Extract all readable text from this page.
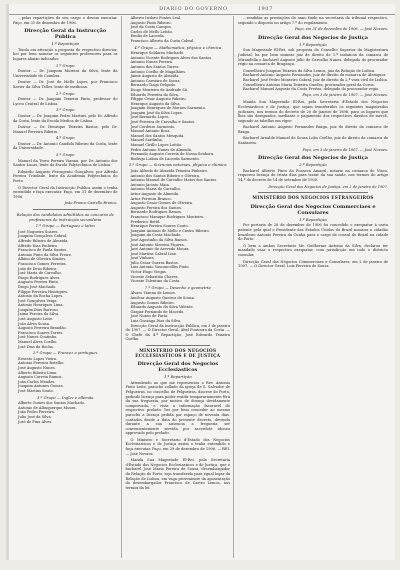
DIARIO DO GOVERNO	1907

…pelas repartições do seu cargo o devem executar. Paço, em 31 de dezembro de 1906.

Direcção Geral da Instrucção Publica
1.ª Repartição

Tendo em attenção a proposta do respectivo director, hei por bem nomear os seguintes professores para os logares abaixo indicados:

1.º Grupo

Doutor — Dr. Joaquim Moreira da Silva, lente da Universidade de Coimbra.

Doutor — Dr. José de Mello Lopes, por Francisco Xavier da Silva Telles, lente de medicina.

2.º Grupo

Doutor — Dr. Joaquim Teixeira Pinto, professor do Lyceu Central de Lisboa.

3.º Grupo

Doutor — Dr. Joaquim Pedro Martins, pelo Dr. Alfredo da Costa, lente da Escola Medica de Lisboa.

Doutor — Dr. Henrique Teixeira Bastos, pelo Dr. Manuel Ferreira Ribeiro.

4.º Grupo

Doutor — Dr. Antonio Candido Ribeiro da Costa, lente da Universidade.

5.º Grupo

Manuel da Terra Pereira Vianna, por Dr. Antonio dos Santos Lucas, lente da Escola Polytechnica de Lisboa.

Eduardo Augusto Ferrugento Gonçalves, por Alfredo Pereira Trindade, lente da Academia Polytechnica do Porto.

O Director Geral da Instrucção Publica assim o tenha entendido e faça executar. Paço, em 31 de dezembro de 1906.

João Franco Castello Branco.

Relação dos candidatos admittidos ao concurso de professores de instrucção secundaria
1.º Grupo — Portuguez e latim
José Nogueira Soares.
Joaquim Gonçalves Cabral.
Alfredo Ribeiro de Almeida.
Alfredo Dias Pinheiro.
Francisco de Paula Santos.
Antonio Pinto da Silva Freire.
Albino de Oliveira Simões.
Francisco Gomes Ferreira.
João de Deus Ribeiro.
José Maria de Carvalho.
Diogo Rodrigues Alves.
Augusto Pereira Pinto.
Diogo José Machado.
Filippe Ferreira Henriques.
Antonio da Rocha Lopes.
José Gonçalves Veiga.
Antonio Henriques Lima.
Joaquim Dias Barroso.
Jaime Pereira da Silva.
José Augusto Leite.
João Alves Sousa.
Augusto Ferreira Brandão.
Francisco Soares Torres.
José Nunes Coutinho.
Manuel Alves Coelho.
José Dias da Rocha.
2.º Grupo — Francez e portuguez
Ernesto Lopes Vieira.
Antonio Ferreira Botelho.
José Augusto Nunes.
Alberto Ribeiro Lima.
Augusto Correia Ramos.
João Carlos Mendes.
Joaquim Antunes Gomes.
José Martins Souto.
3.º Grupo — Inglez e allemão
Alberto Gomes dos Santos Machado.
Antonio de Albuquerque Moura.
João Pedro Ferreira.
Julio José da Silva.
José de Pina Alves.
Alberto Isidoro Fontes Leal.
Augusto Pinto Ribeiro.
José da Costa Campos.
Carlos de Mello Leitão.
Emilio de Lacerda.
Francisco Alberto da Costa Cabral.
4.º Grupo — Mathematica, physica e chimica
Henrique Soldarea Machado.
Antonio Vicente Rodrigues Alves dos Santos.
Antonio Nunes Pereira.
Antonio dos Santos Torres.
Antonio Coelho de Magalhães.
Jaime Augusto de Almeida.
Antonio Carneiro de Sousa.
Bernardo Tiago Delgado.
Diogo Monteiro de Andrade Sá.
Eduardo Ferreira da Silva.
Filippe Cesar Augusto Ribeiro.
Henrique Augusto da Silva.
Joaquim Henriques de Moraes Sarmento.
Joaquim José da Silva Lopes.
José Bernardo Lopes.
José Ferreira de Carvalho e Santos.
José Cordeiro Sarmento.
Manuel Antonio Rosa.
Manuel dos Santos Mesquita.
Manoel Sardinha.
Manuel Cirillo Lopes Leitão.
Pedro Antonio Nunes de Almeida.
Fernando Augusto Correia de Nossa Senhora.
Rodrigo Lisboa de Lacerda Sarmento.
5.º Grupo — Sciencias naturaes, physica e chimica
João Alfredo de Almeida Teixeira Pinheiro.
Antonio dos Santos Ribeiro e Oliveira.
Antonio Manuel de Carvalho Matos dos Santos.
Antonio Jacinto Maia.
Antonio Maria de Carvalho.
Artur Augusto de Almeida.
Artur Ferreira Branco.
Augusto Cesar Gomes de Oliveira.
Augusto Pereira dos Santos.
Bernardo Rodrigues Ramos.
Francisco Manique Rodrigues Monteiro.
Frederico Bettil.
Henrique Pereira Soares Couto.
Joaquim Antonio de Mello e Castro Ribeiro.
Joaquim da Costa Machado.
José Agostinho da Silva Ramos.
José Antonio Moreira Piçarra.
José Antonio de Azevedo Moura.
José Martins Cabral Lino.
José Vinhaes.
Julio Cesar Guerra Bastos.
Luiz Antonio Vasconcellos Pinto.
Victor Hugo Viegas.
Vicente Sebastião Chaves.
Vicente Tolentino da Costa.
7.º Grupo — Desenho e geometria
Alvaro Vianna de Lemos.
Amilcar Augusto Queiroz de Sousa.
Augusto Gomes Ribeiro.
Eduardo Augusto da Silva Valente.
Gaspar Fernando de Macedo.
José Nunes de Faria.
Luiz Gonzaga Dias da Silva.

Direcção Geral da Instrucção Publica, em 3 de janeiro de 1907. — O Director Geral, Abel Fontoura da Costa. — O Chefe da 4.ª Repartição, José Edwardo Teixeira Coelho.

MINISTERIO DOS NEGOCIOS ECCLESIASTICOS E DE JUSTIÇA
Direcção Geral dos Negocios Ecclesiasticos
1.ª Repartição

Attendendo ao que me representou o Rev. Antonio Pinto Leite, parocho collado da igreja de S. Salvador de Felgueiras, no concelho de Felgueiras, diocese do Porto, pedindo licença para poder residir temporariamente fóra da sua freguezia, por motivo de doença devidamente comprovada, e vista a informação favoravel do respectivo prelado: hei por bem conceder ao mesmo parocho a licença pedida por espaço de noventa dias, contados desde a data do presente decreto, devendo durante a sua ausencia a freguezia ser convenientemente servida por sacerdote idoneo approvado pelo prelado.

O Ministro e Secretario d'Estado dos Negocios Ecclesiasticos e de Justiça assim o tenha entendido e faça executar. Paço, em 29 de dezembro de 1906. — REI. — José Novaes.

Manda Sua Magestade El-Rei, pela Secretaria d'Estado dos Negocios Ecclesiasticos e de Justiça, que o bacharel José Maria Pereira de Sousa, desembargador da Relação do Porto, seja transferido para egual logar da Relação de Lisboa, em vaga proveniente da aposentação do desembargador Francisco de Castro Lemos, nos termos da lei.

…rendidas as prestações do anno findo na secretaria do tribunal respectivo, segundo o disposto no artigo 7.º do regulamento.

Paço, em 31 de dezembro de 1906. — José Novaes.

Direcção Geral dos Negocios de Justiça
1.ª Repartição

Sua Magestade El-Rei, sob proposta do Conselho Superior da Magistratura Judicial, ha por bem nomear juiz de direito de 1.ª instancia da comarca de Mirandella o bacharel Augusto Julio de Carvalho Nunes, delegado do procurador regio na comarca de Bragança.

Conselheiro Joaquim Teixeira da Silva Lemos, juiz da Relação de Lisboa.
Bacharel Antonio Augusto Fernandes, juiz de direito da comarca de Alemquer.
Bacharel José Pedro Monteiro Cabral, juiz de direito da 2.ª vara civil de Lisboa.
Conselheiro Antonio Maria Teixeira Guedes, procurador geral da Coroa.
Bacharel Manuel Augusto da Costa Freitas, delegado do procurador regio.

Paço, em 3 de janeiro de 1907. — José Novaes.

Manda Sua Magestade El-Rei, pela Secretaria d'Estado dos Negocios Ecclesiasticos e de Justiça, que sejam transferidos os seguintes magistrados judiciaes, nos termos do decreto de 20 de janeiro de 1898, para os logares que lhes são designados, mediante o pagamento dos respectivos direitos de mercê, segundo as tabellas em vigor:

Bacharel Antonio Augusto Fernandes Braga, juiz de direito da comarca de Braga.

Bacharel Arnaldo Manuel de Sousa Lobo Coelho, juiz de direito da comarca de Santarem.

Paço, em 3 de janeiro de 1907. — José Novaes.

Direcção Geral dos Negocios de Justiça
2.ª Repartição

Bacharel Alberto Pinto da Fonseca Amaral, notario na comarca de Vizeu, requereu licença de trinta dias para tratar da sua saude, nos termos do artigo 14.º do decreto de 14 de setembro de 1900.

Direcção Geral dos Negocios de Justiça, em 2 de janeiro de 1907.

MINISTERIO DOS NEGOCIOS ESTRANGEIROS
Direcção Geral dos Negocios Commerciaes e Consulares
1.ª Repartição

Por portaria de 28 de dezembro de 1906 foi concedido o exequatur á carta patente pela qual o Presidente dos Estados Unidos do Brazil nomeou o cidadão brazileiro Antonio Pereira da Cunha para o cargo de consul do Brazil na cidade do Porto.

O bem a ambos Secretario Mr. Guilherme Antonio da Silva, declarou ter mandado usar o respectivo exequatur, com jurisdicção em todo o districto consular.

Direcção Geral dos Negocios Commerciaes e Consulares, em 2 de janeiro de 1907. — O Director Geral, Luiz Ferreira de Sousa.
